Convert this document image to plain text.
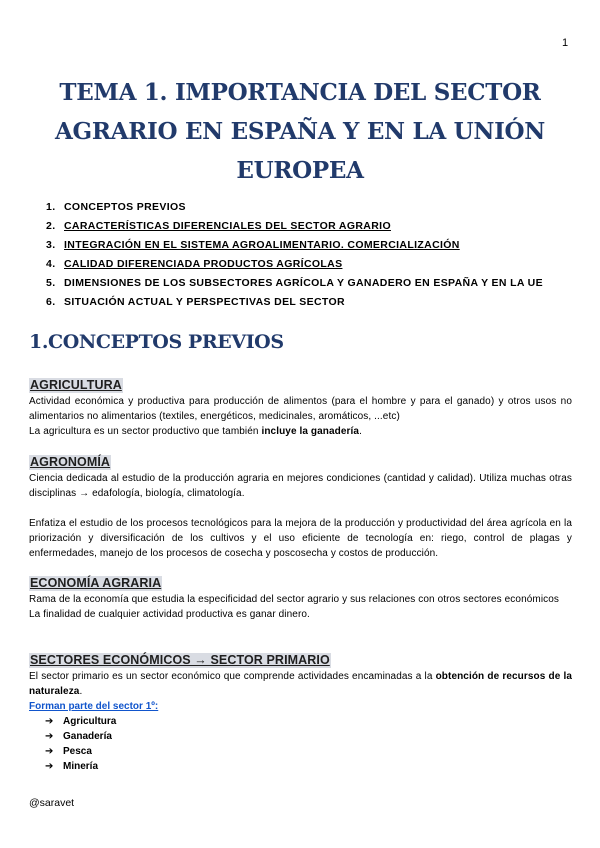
1
TEMA 1. IMPORTANCIA DEL SECTOR
AGRARIO EN ESPAÑA Y EN LA UNIÓN
EUROPEA
1. CONCEPTOS PREVIOS
2. CARACTERÍSTICAS DIFERENCIALES DEL SECTOR AGRARIO
3. INTEGRACIÓN EN EL SISTEMA AGROALIMENTARIO. COMERCIALIZACIÓN
4. CALIDAD DIFERENCIADA PRODUCTOS AGRÍCOLAS
5. DIMENSIONES DE LOS SUBSECTORES AGRÍCOLA Y GANADERO EN ESPAÑA Y EN LA UE
6. SITUACIÓN ACTUAL Y PERSPECTIVAS DEL SECTOR
1.CONCEPTOS PREVIOS
AGRICULTURA

Actividad económica y productiva para producción de alimentos (para el hombre y para el ganado) y otros usos no alimentarios no alimentarios (textiles, energéticos, medicinales, aromáticos, ...etc)

La agricultura es un sector productivo que también incluye la ganadería.

AGRONOMÍA

Ciencia dedicada al estudio de la producción agraria en mejores condiciones (cantidad y calidad). Utiliza muchas otras disciplinas → edafología, biología, climatología.

Enfatiza el estudio de los procesos tecnológicos para la mejora de la producción y productividad del área agrícola en la priorización y diversificación de los cultivos y el uso eficiente de tecnología en: riego, control de plagas y enfermedades, manejo de los procesos de cosecha y poscosecha y costos de producción.

ECONOMÍA AGRARIA

Rama de la economía que estudia la especificidad del sector agrario y sus relaciones con otros sectores económicos

La finalidad de cualquier actividad productiva es ganar dinero.

SECTORES ECONÓMICOS → SECTOR PRIMARIO

El sector primario es un sector económico que comprende actividades encaminadas a la obtención de recursos de la naturaleza.

Forman parte del sector 1º:
➔ Agricultura
➔ Ganadería
➔ Pesca
➔ Minería
@saravet
